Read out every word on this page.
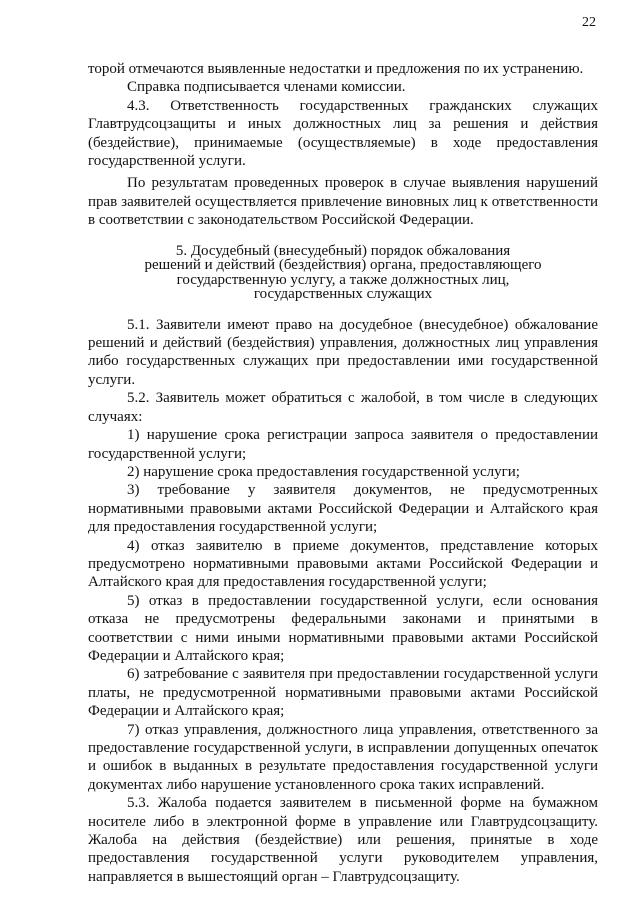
22

торой отмечаются выявленные недостатки и предложения по их устранению.

Справка подписывается членами комиссии.

4.3. Ответственность государственных гражданских служащих Главтрудсоцзащиты и иных должностных лиц за решения и действия (бездействие), принимаемые (осуществляемые) в ходе предоставления государственной услуги.

По результатам проведенных проверок в случае выявления нарушений прав заявителей осуществляется привлечение виновных лиц к ответственности в соответствии с законодательством Российской Федерации.

5. Досудебный (внесудебный) порядок обжалования
решений и действий (бездействия) органа, предоставляющего
государственную услугу, а также должностных лиц,
государственных служащих

5.1. Заявители имеют право на досудебное (внесудебное) обжалование решений и действий (бездействия) управления, должностных лиц управления либо государственных служащих при предоставлении ими государственной услуги.

5.2. Заявитель может обратиться с жалобой, в том числе в следующих случаях:

1) нарушение срока регистрации запроса заявителя о предоставлении государственной услуги;

2) нарушение срока предоставления государственной услуги;

3) требование у заявителя документов, не предусмотренных нормативными правовыми актами Российской Федерации и Алтайского края для предоставления государственной услуги;

4) отказ заявителю в приеме документов, представление которых предусмотрено нормативными правовыми актами Российской Федерации и Алтайского края для предоставления государственной услуги;

5) отказ в предоставлении государственной услуги, если основания отказа не предусмотрены федеральными законами и принятыми в соответствии с ними иными нормативными правовыми актами Российской Федерации и Алтайского края;

6) затребование с заявителя при предоставлении государственной услуги платы, не предусмотренной нормативными правовыми актами Российской Федерации и Алтайского края;

7) отказ управления, должностного лица управления, ответственного за предоставление государственной услуги, в исправлении допущенных опечаток и ошибок в выданных в результате предоставления государственной услуги документах либо нарушение установленного срока таких исправлений.

5.3. Жалоба подается заявителем в письменной форме на бумажном носителе либо в электронной форме в управление или Главтрудсоцзащиту. Жалоба на действия (бездействие) или решения, принятые в ходе предоставления государственной услуги руководителем управления, направляется в вышестоящий орган – Главтрудсоцзащиту.
